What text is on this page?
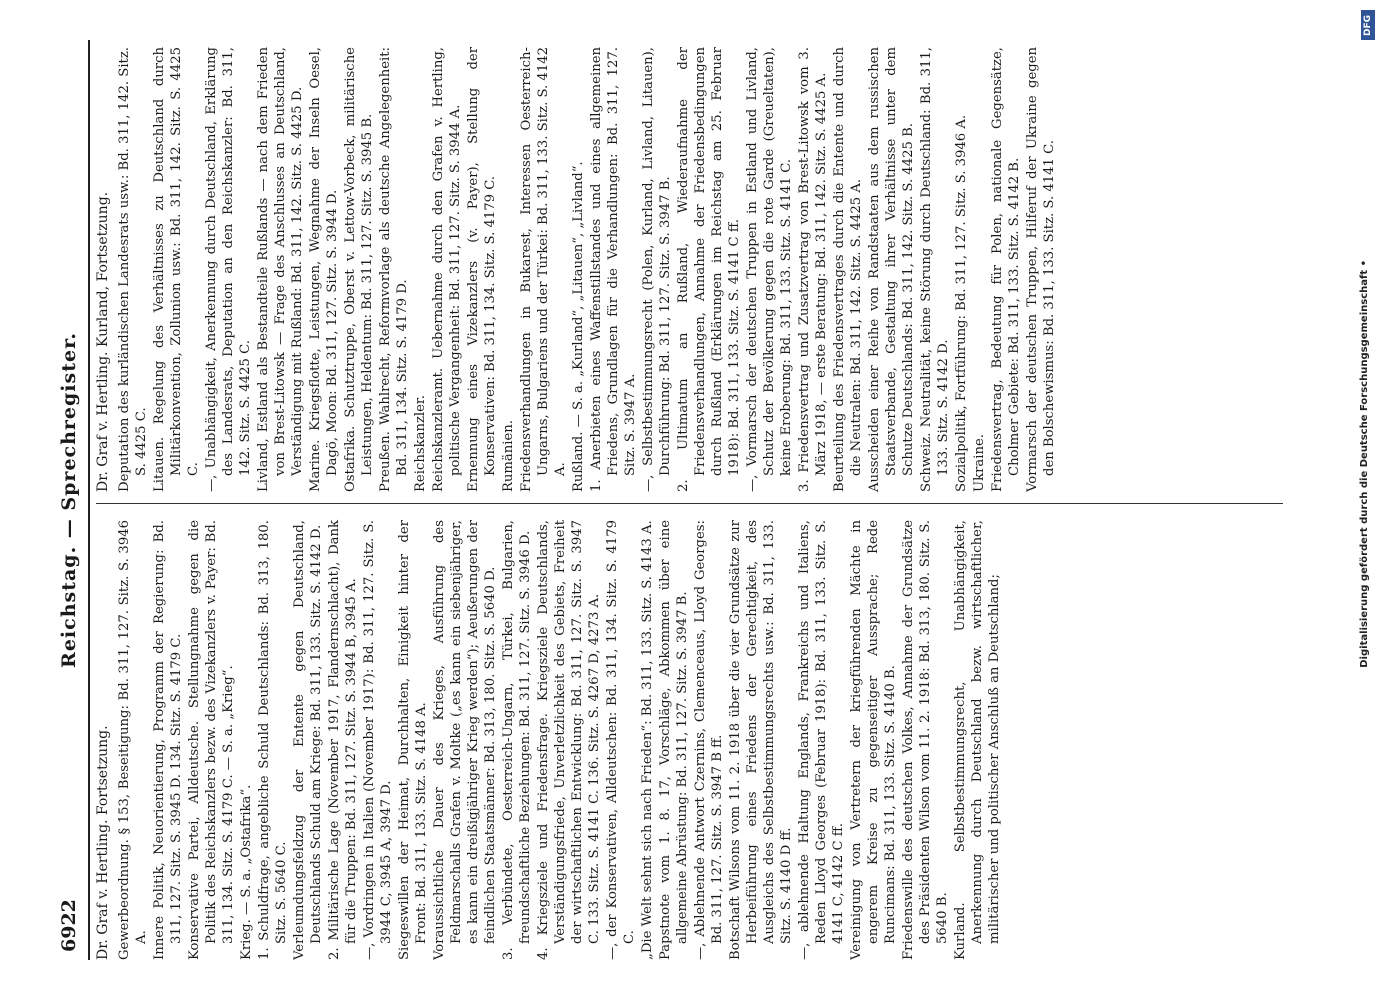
6922
Reichstag. — Sprechregister.
Dr. Graf v. Hertling. Fortsetzung. Gewerbeordnung. § 153, Beseitigung: Bd. 311, 127. Sitz. S. 3946 A. Innere Politik, Neuorientierung, Programm der Regierung: Bd. 311, 127. Sitz. S. 3945 D. 134. Sitz. S. 4179 C. Konservative Partei, Alldeutsche. Stellungnahme gegen die Politik des Reichskanzlers bezw. des Vizekanzlers v. Payer: Bd. 311, 134. Sitz. S. 4179 C. — S. a. „Krieg“. Krieg. — S. a. „Ostafrika“. 1. Schuldfrage, angebliche Schuld Deutschlands: Bd. 313, 180. Sitz. S. 5640 C. Verleumdungsfeldzug der Entente gegen Deutschland, Deutschlands Schuld am Kriege: Bd. 311, 133. Sitz. S. 4142 D. 2. Militärische Lage (November 1917, Flandernschlacht), Dank für die Truppen: Bd. 311, 127. Sitz. S. 3944 B, 3945 A. —, Vordringen in Italien (November 1917): Bd. 311, 127. Sitz. S. 3944 C, 3945 A, 3947 D. Siegeswillen der Heimat, Durchhalten, Einigkeit hinter der Front: Bd. 311, 133. Sitz. S. 4148 A. Voraussichtliche Dauer des Krieges, Ausführung des Feldmarschalls Grafen v. Moltke („es kann ein siebenjähriger, es kann ein dreißigjähriger Krieg werden“); Aeußerungen der feindlichen Staatsmänner: Bd. 313, 180. Sitz. S. 5640 D. 3. Verbündete, Oesterreich-Ungarn, Türkei, Bulgarien, freundschaftliche Beziehungen: Bd. 311, 127. Sitz. S. 3946 D. 4. Kriegsziele und Friedensfrage. Kriegsziele Deutschlands, Verständigungsfriede, Unverletzlichkeit des Gebiets, Freiheit der wirtschaftlichen Entwicklung: Bd. 311, 127. Sitz. S. 3947 C. 133. Sitz. S. 4141 C. 136. Sitz. S. 4267 D, 4273 A. —, der Konservativen, Alldeutschen: Bd. 311, 134. Sitz. S. 4179 C. „Die Welt sehnt sich nach Frieden“: Bd. 311, 133. Sitz. S. 4143 A. Papstnote vom 1. 8. 17, Vorschläge, Abkommen über eine allgemeine Abrüstung: Bd. 311, 127. Sitz. S. 3947 B. —, Ablehnende Antwort Czernins, Clemenceaus, Lloyd Georges: Bd. 311, 127. Sitz. S. 3947 B ff. Botschaft Wilsons vom 11. 2. 1918 über die vier Grundsätze zur Herbeiführung eines Friedens der Gerechtigkeit, des Ausgleichs des Selbstbestimmungsrechts usw.: Bd. 311, 133. Sitz. S. 4140 D ff. —, ablehnende Haltung Englands, Frankreichs und Italiens, Reden Lloyd Georges (Februar 1918): Bd. 311, 133. Sitz. S. 4141 C, 4142 C ff. Vereinigung von Vertretern der kriegführenden Mächte in engerem Kreise zu gegenseitiger Aussprache; Rede Runcimans: Bd. 311, 133. Sitz. S. 4140 B. Friedenswille des deutschen Volkes, Annahme der Grundsätze des Präsidenten Wilson vom 11. 2. 1918: Bd. 313, 180. Sitz. S. 5640 B. Kurland. Selbstbestimmungsrecht, Unabhängigkeit, Anerkennung durch Deutschland bezw. wirtschaftlicher, militärischer und politischer Anschluß an Deutschland;
Dr. Graf v. Hertling. Kurland, Fortsetzung. Deputation des kurländischen Landesrats usw.: Bd. 311, 142. Sitz. S. 4425 C. Litauen. Regelung des Verhältnisses zu Deutschland durch Militärkonvention, Zollunion usw.: Bd. 311, 142. Sitz. S. 4425 C. —, Unabhängigkeit, Anerkennung durch Deutschland, Erklärung des Landesrats, Deputation an den Reichskanzler: Bd. 311, 142. Sitz. S. 4425 C. Livland, Estland als Bestandteile Rußlands — nach dem Frieden von Brest-Litowsk — Frage des Anschlusses an Deutschland, Verständigung mit Rußland: Bd. 311, 142. Sitz. S. 4425 D. Marine. Kriegsflotte, Leistungen, Wegnahme der Inseln Oesel, Dagö, Moon: Bd. 311, 127. Sitz. S. 3944 D. Ostafrika. Schutztruppe, Oberst v. Lettow-Vorbeck, militärische Leistungen, Heldentum: Bd. 311, 127. Sitz. S. 3945 B. Preußen. Wahlrecht, Reformvorlage als deutsche Angelegenheit: Bd. 311, 134. Sitz. S. 4179 D. Reichskanzler. Reichskanzleramt. Uebernahme durch den Grafen v. Hertling, politische Vergangenheit: Bd. 311, 127. Sitz. S. 3944 A. Ernennung eines Vizekanzlers (v. Payer), Stellung der Konservativen: Bd. 311, 134. Sitz. S. 4179 C. Rumänien. Friedensverhandlungen in Bukarest, Interessen Oesterreich-Ungarns, Bulgariens und der Türkei: Bd. 311, 133. Sitz. S. 4142 A. Rußland. — S. a. „Kurland“, „Litauen“, „Livland“. 1. Anerbieten eines Waffenstillstandes und eines allgemeinen Friedens, Grundlagen für die Verhandlungen: Bd. 311, 127. Sitz. S. 3947 A. —, Selbstbestimmungsrecht (Polen, Kurland, Livland, Litauen), Durchführung: Bd. 311, 127. Sitz. S. 3947 B. 2. Ultimatum an Rußland, Wiederaufnahme der Friedensverhandlungen, Annahme der Friedensbedingungen durch Rußland (Erklärungen im Reichstag am 25. Februar 1918): Bd. 311, 133. Sitz. S. 4141 C ff. —, Vormarsch der deutschen Truppen in Estland und Livland, Schutz der Bevölkerung gegen die rote Garde (Greueltaten), keine Eroberung: Bd. 311, 133. Sitz. S. 4141 C. 3. Friedensvertrag und Zusatzvertrag von Brest-Litowsk vom 3. März 1918, — erste Beratung: Bd. 311, 142. Sitz. S. 4425 A. Beurteilung des Friedensvertrages durch die Entente und durch die Neutralen: Bd. 311, 142. Sitz. S. 4425 A. Ausscheiden einer Reihe von Randstaaten aus dem russischen Staatsverbande, Gestaltung ihrer Verhältnisse unter dem Schutze Deutschlands: Bd. 311, 142. Sitz. S. 4425 B. Schweiz. Neutralität, keine Störung durch Deutschland: Bd. 311, 133. Sitz. S. 4142 D. Sozialpolitik, Fortführung: Bd. 311, 127. Sitz. S. 3946 A. Ukraine. Friedensvertrag, Bedeutung für Polen, nationale Gegensätze, Cholmer Gebiete: Bd. 311, 133. Sitz. S. 4142 B. Vormarsch der deutschen Truppen, Hilferuf der Ukraine gegen den Bolschewismus: Bd. 311, 133. Sitz. S. 4141 C.
DFG
Digitalisierung gefördert durch die Deutsche Forschungsgemeinschaft •
